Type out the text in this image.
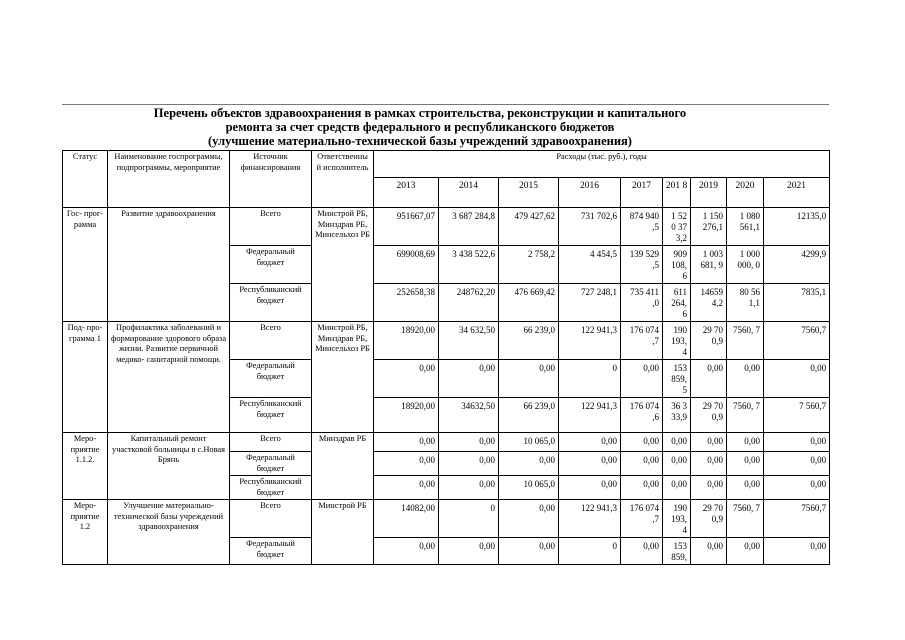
Перечень объектов здравоохранения в рамках строительства, реконструкции и капитального
ремонта за счет средств федерального и республиканского бюджетов
(улучшение материально-технической базы учреждений здравоохранения)
Статус	Наименование госпрограммы, подпрограммы, мероприятие	Источник финансирования	Ответственны й исполнитель	Расходы (тыс. руб.), годы								
				2013	2014	2015	2016	2017	201 8	2019	2020	2021
Гос- прог- рамма	Развитие здравоохранения	Всего	Минстрой РБ, Минздрав РБ, Минсельхоз РБ	951667,07	3 687 284,8	479 427,62	731 702,6	874 940 ,5	1 52 0 37 3,2	1 150 276,1	1 080 561,1	12135,0
		Федеральный бюджет		699008,69	3 438 522,6	2 758,2	4 454,5	139 529 ,5	909 108, 6	1 003 681, 9	1 000 000, 0	4299,9
		Республиканский бюджет		252658,38	248762,20	476 669,42	727 248,1	735 411 ,0	611 264, 6	14659 4,2	80 56 1,1	7835,1
Под- про- грамма 1	Профилактика заболеваний и формирование здорового образа жизни. Развитие первичной медико- санитарной помощи.	Всего	Минстрой РБ, Минздрав РБ, Минсельхоз РБ	18920,00	34 632,50	66 239,0	122 941,3	176 074 ,7	190 193, 4	29 70 0,9	7560, 7	7560,7
		Федеральный бюджет		0,00	0,00	0,00	0	0,00	153 859, 5	0,00	0,00	0,00
		Республиканский бюджет		18920,00	34632,50	66 239,0	122 941,3	176 074 ,6	36 3 33,9	29 70 0,9	7560, 7	7 560,7
Меро- приятие 1.1.2.	Капитальный ремонт участковой больницы в с.Новая Брянь	Всего	Минздрав РБ	0,00	0,00	10 065,0	0,00	0,00	0,00	0,00	0,00	0,00
		Федеральный бюджет		0,00	0,00	0,00	0,00	0,00	0,00	0,00	0,00	0,00
		Республиканский бюджет		0,00	0,00	10 065,0	0,00	0,00	0,00	0,00	0,00	0,00
Меро- приятие 1.2	Улучшение материально- технической базы учреждений здравоохранения	Всего	Минстрой РБ	14082,00	0	0,00	122 941,3	176 074 ,7	190 193, 4	29 70 0,9	7560, 7	7560,7
		Федеральный бюджет		0,00	0,00	0,00	0	0,00	153 859,	0,00	0,00	0,00
